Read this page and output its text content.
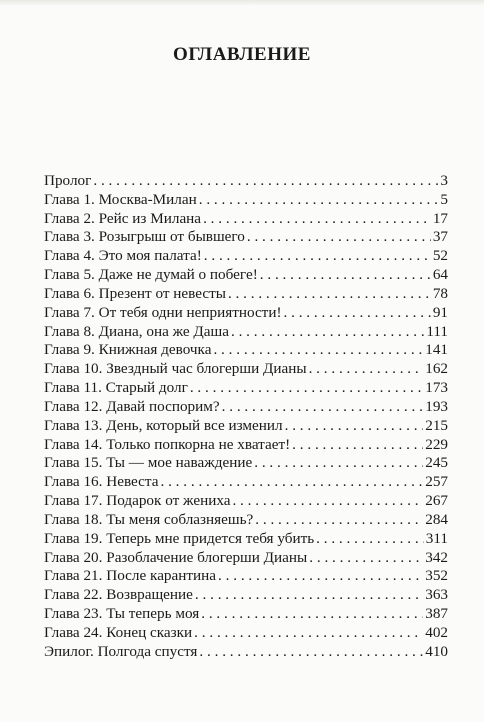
ОГЛАВЛЕНИЕ
Пролог . . .	3
Глава 1. Москва-Милан . . .	5
Глава 2. Рейс из Милана . . .	17
Глава 3. Розыгрыш от бывшего . . .	37
Глава 4. Это моя палата! . . .	52
Глава 5. Даже не думай о побеге! . . .	64
Глава 6. Презент от невесты . . .	78
Глава 7. От тебя одни неприятности! . . .	91
Глава 8. Диана, она же Даша . . .	111
Глава 9. Книжная девочка . . .	141
Глава 10. Звездный час блогерши Дианы . . .	162
Глава 11. Старый долг . . .	173
Глава 12. Давай поспорим? . . .	193
Глава 13. День, который все изменил . . .	215
Глава 14. Только попкорна не хватает! . . .	229
Глава 15. Ты — мое наваждение . . .	245
Глава 16. Невеста . . .	257
Глава 17. Подарок от жениха . . .	267
Глава 18. Ты меня соблазняешь? . . .	284
Глава 19. Теперь мне придется тебя убить . . .	311
Глава 20. Разоблачение блогерши Дианы . . .	342
Глава 21. После карантина . . .	352
Глава 22. Возвращение . . .	363
Глава 23. Ты теперь моя . . .	387
Глава 24. Конец сказки . . .	402
Эпилог. Полгода спустя . . .	410
